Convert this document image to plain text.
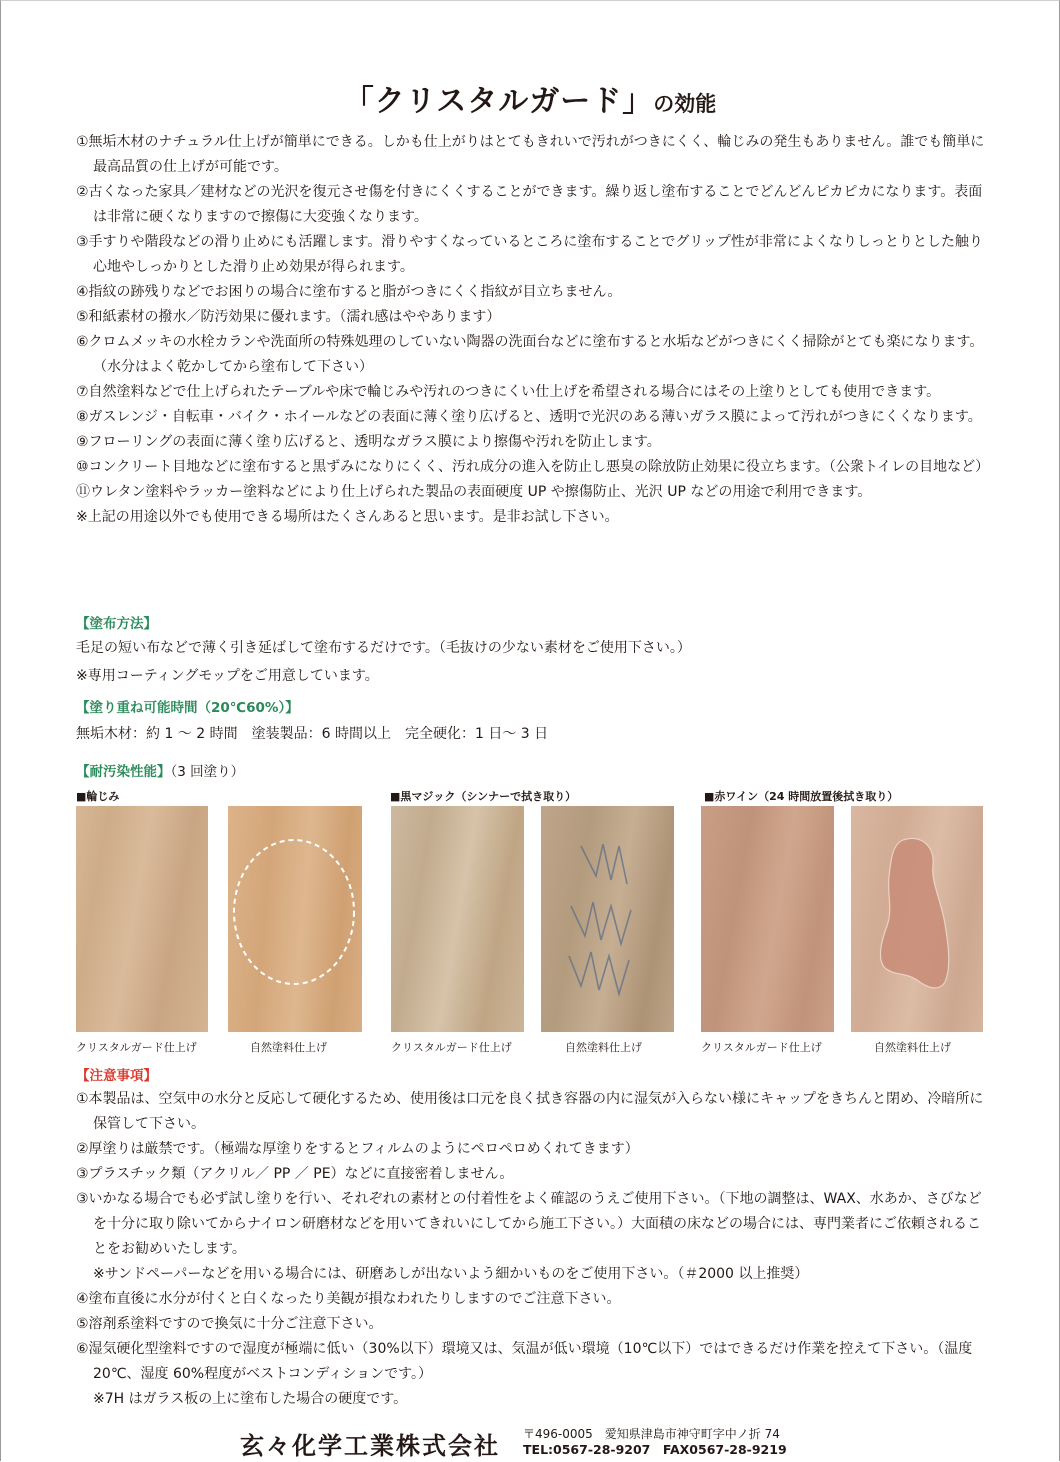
「クリスタルガード」の効能

①無垢木材のナチュラル仕上げが簡単にできる。しかも仕上がりはとてもきれいで汚れがつきにくく、輪じみの発生もありません。誰でも簡単に最高品質の仕上げが可能です。

②古くなった家具／建材などの光沢を復元させ傷を付きにくくすることができます。繰り返し塗布することでどんどんピカピカになります。表面は非常に硬くなりますので擦傷に大変強くなります。

③手すりや階段などの滑り止めにも活躍します。滑りやすくなっているところに塗布することでグリップ性が非常によくなりしっとりとした触り心地やしっかりとした滑り止め効果が得られます。

④指紋の跡残りなどでお困りの場合に塗布すると脂がつきにくく指紋が目立ちません。

⑤和紙素材の撥水／防汚効果に優れます。（濡れ感はややあります）

⑥クロムメッキの水栓カランや洗面所の特殊処理のしていない陶器の洗面台などに塗布すると水垢などがつきにくく掃除がとても楽になります。（水分はよく乾かしてから塗布して下さい）

⑦自然塗料などで仕上げられたテーブルや床で輪じみや汚れのつきにくい仕上げを希望される場合にはその上塗りとしても使用できます。

⑧ガスレンジ・自転車・バイク・ホイールなどの表面に薄く塗り広げると、透明で光沢のある薄いガラス膜によって汚れがつきにくくなります。

⑨フローリングの表面に薄く塗り広げると、透明なガラス膜により擦傷や汚れを防止します。

⑩コンクリート目地などに塗布すると黒ずみになりにくく、汚れ成分の進入を防止し悪臭の除放防止効果に役立ちます。（公衆トイレの目地など）

⑪ウレタン塗料やラッカー塗料などにより仕上げられた製品の表面硬度 UP や擦傷防止、光沢 UP などの用途で利用できます。

※上記の用途以外でも使用できる場所はたくさんあると思います。是非お試し下さい。

【塗布方法】
毛足の短い布などで薄く引き延ばして塗布するだけです。（毛抜けの少ない素材をご使用下さい。）
※専用コーティングモップをご用意しています。
【塗り重ね可能時間（20℃60%）】
無垢木材：約 1 〜 2 時間　塗装製品：6 時間以上　完全硬化：1 日〜 3 日
【耐汚染性能】（3 回塗り）
■輪じみ
クリスタルガード仕上げ	自然塗料仕上げ
■黒マジック（シンナーで拭き取り）
クリスタルガード仕上げ	自然塗料仕上げ
■赤ワイン（24 時間放置後拭き取り）
クリスタルガード仕上げ	自然塗料仕上げ
【注意事項】

①本製品は、空気中の水分と反応して硬化するため、使用後は口元を良く拭き容器の内に湿気が入らない様にキャップをきちんと閉め、冷暗所に保管して下さい。

②厚塗りは厳禁です。（極端な厚塗りをするとフィルムのようにペロペロめくれてきます）

③プラスチック類（アクリル／ PP ／ PE）などに直接密着しません。

③いかなる場合でも必ず試し塗りを行い、それぞれの素材との付着性をよく確認のうえご使用下さい。（下地の調整は、WAX、水あか、さびなどを十分に取り除いてからナイロン研磨材などを用いてきれいにしてから施工下さい。）大面積の床などの場合には、専門業者にご依頼されることをお勧めいたします。

※サンドペーパーなどを用いる場合には、研磨あしが出ないよう細かいものをご使用下さい。（＃2000 以上推奨）

④塗布直後に水分が付くと白くなったり美観が損なわれたりしますのでご注意下さい。

⑤溶剤系塗料ですので換気に十分ご注意下さい。

⑥湿気硬化型塗料ですので湿度が極端に低い（30%以下）環境又は、気温が低い環境（10℃以下）ではできるだけ作業を控えて下さい。（温度 20℃、湿度 60%程度がベストコンディションです。）

※7H はガラス板の上に塗布した場合の硬度です。

玄々化学工業株式会社 〒496-0005　愛知県津島市神守町字中ノ折 74
TEL:0567-28-9207　FAX0567-28-9219
